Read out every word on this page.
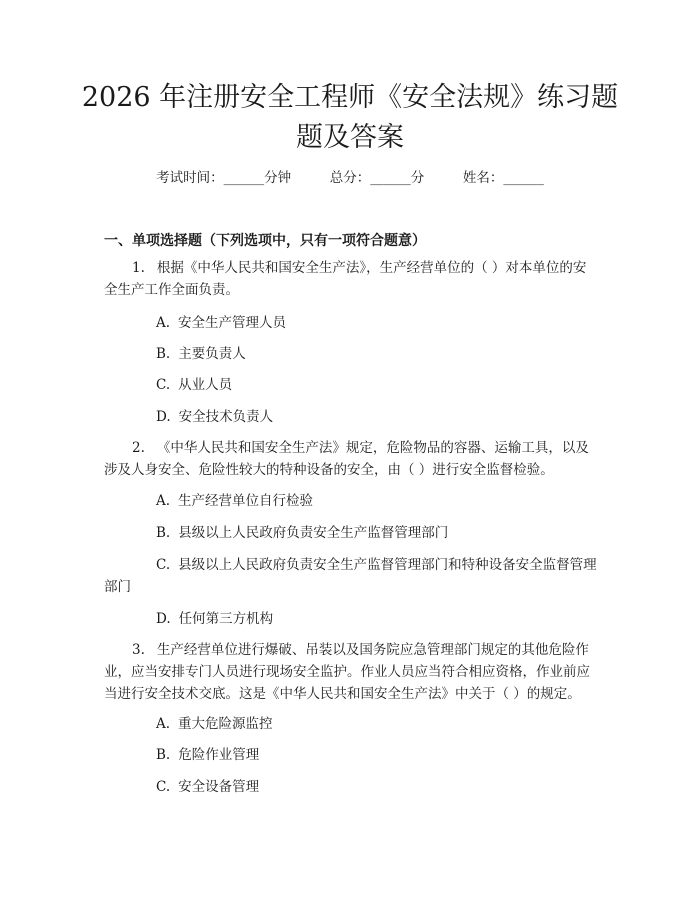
2026 年注册安全工程师《安全法规》练习题
题及答案
考试时间：______分钟	总分：______分	姓名：______
一、单项选择题（下列选项中，只有一项符合题意）
1. 根据《中华人民共和国安全生产法》，生产经营单位的（ ）对本单位的安全生产工作全面负责。
A. 安全生产管理人员
B. 主要负责人
C. 从业人员
D. 安全技术负责人
2. 《中华人民共和国安全生产法》规定，危险物品的容器、运输工具，以及涉及人身安全、危险性较大的特种设备的安全，由（ ）进行安全监督检验。
A. 生产经营单位自行检验
B. 县级以上人民政府负责安全生产监督管理部门
C. 县级以上人民政府负责安全生产监督管理部门和特种设备安全监督管理部门
D. 任何第三方机构
3. 生产经营单位进行爆破、吊装以及国务院应急管理部门规定的其他危险作业，应当安排专门人员进行现场安全监护。作业人员应当符合相应资格，作业前应当进行安全技术交底。这是《中华人民共和国安全生产法》中关于（ ）的规定。
A. 重大危险源监控
B. 危险作业管理
C. 安全设备管理
